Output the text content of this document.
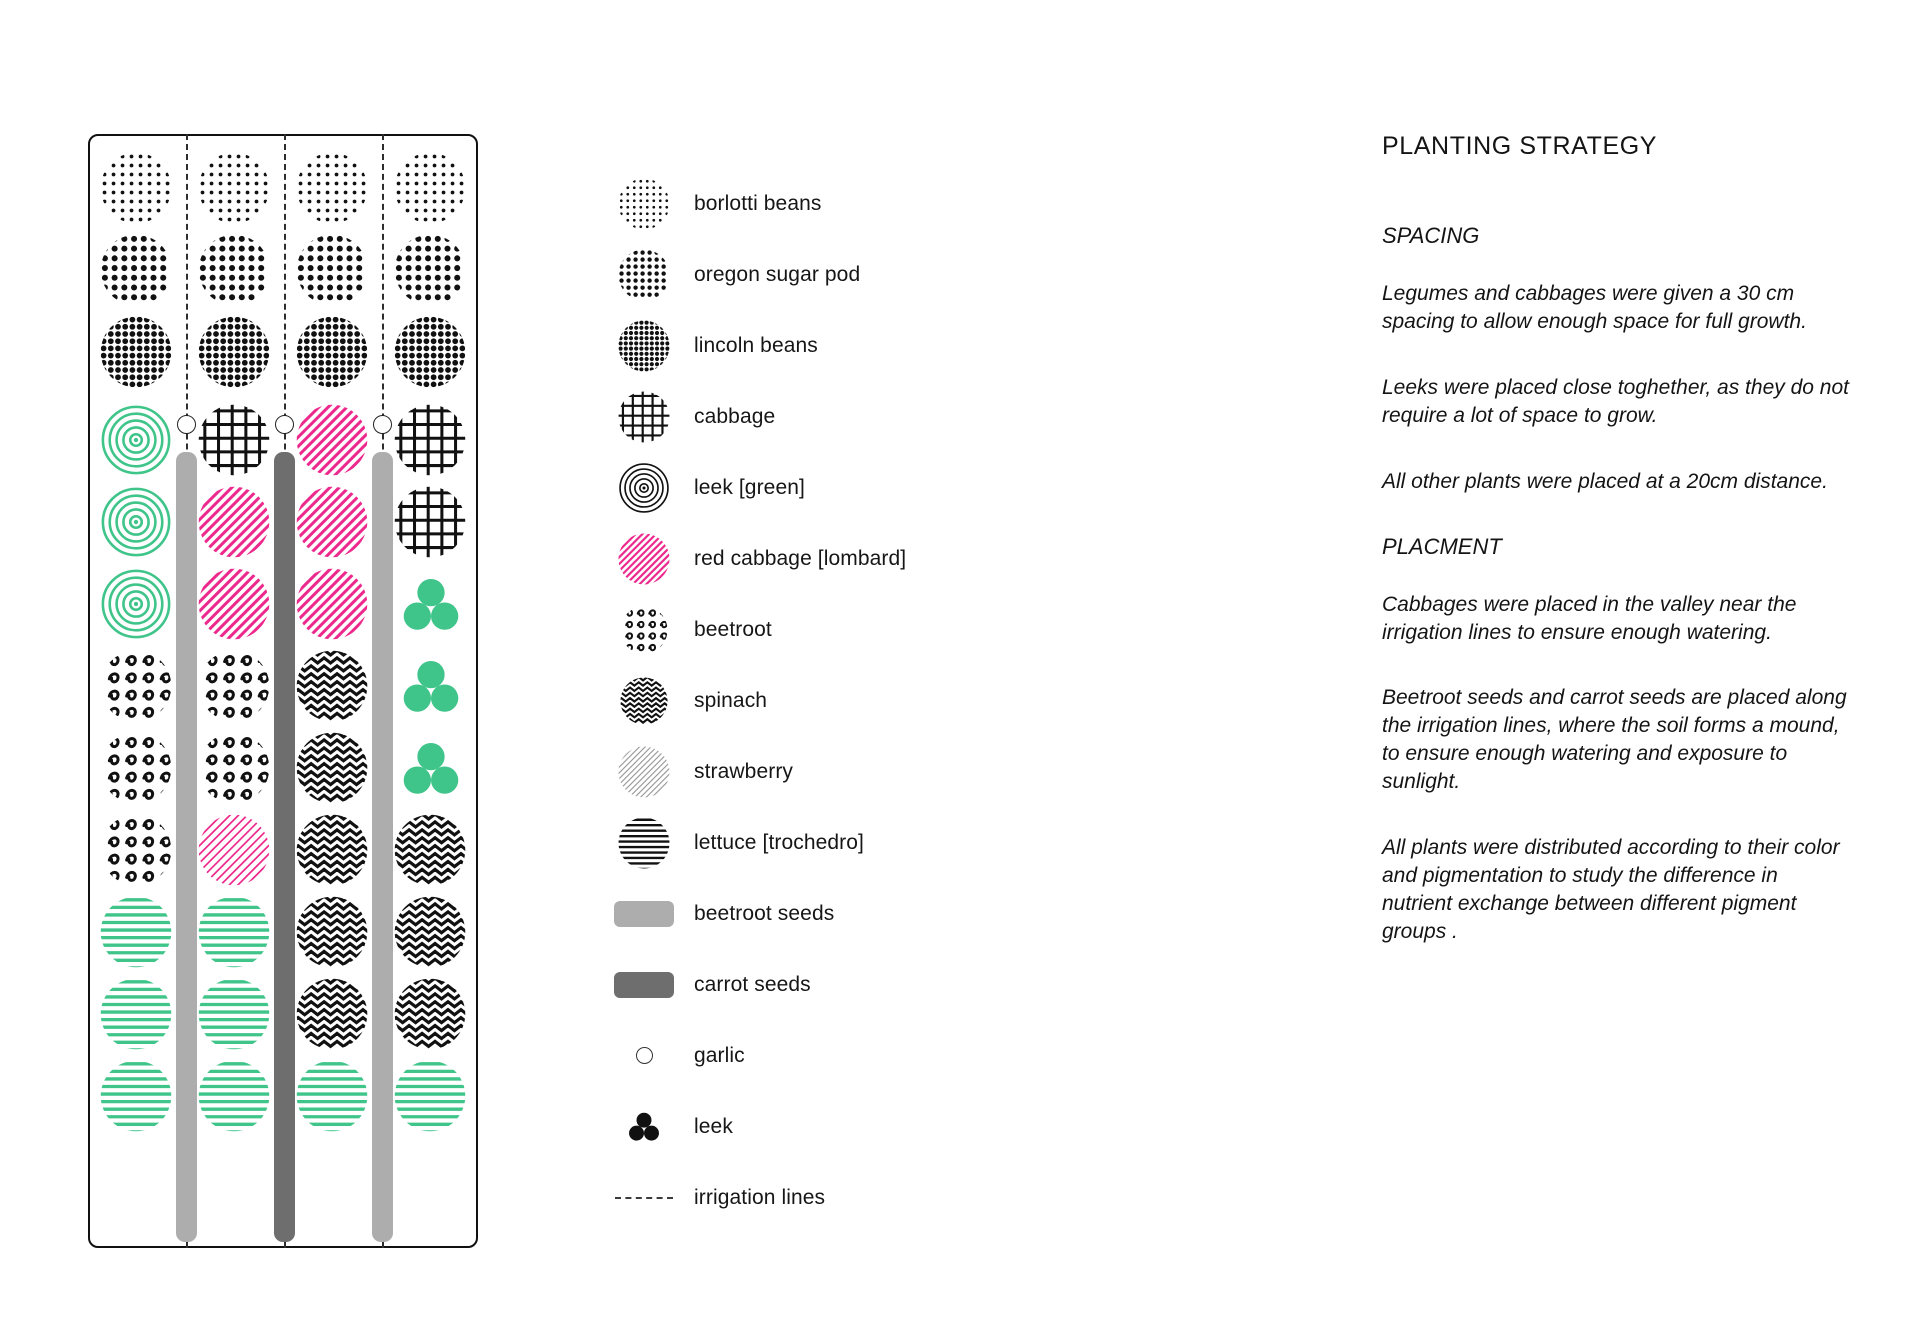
borlotti beans
oregon sugar pod
lincoln beans
cabbage
leek [green]
red cabbage [lombard]
beetroot
spinach
strawberry
lettuce [trochedro]
beetroot seeds
carrot seeds
garlic
leek
irrigation lines
PLANTING STRATEGY
SPACING

Legumes and cabbages were given a 30 cm spacing to allow enough space for full growth.

Leeks were placed close toghether, as they do not require a lot of space to grow.

All other plants were placed at a 20cm distance.

PLACMENT

Cabbages were placed in the valley near the irrigation lines to ensure enough watering.

Beetroot seeds and carrot seeds are placed along the irrigation lines, where the soil forms a mound, to ensure enough watering and exposure to sunlight.

All plants were distributed according to their color and pigmentation to study the difference in nutrient exchange between different pigment groups .
